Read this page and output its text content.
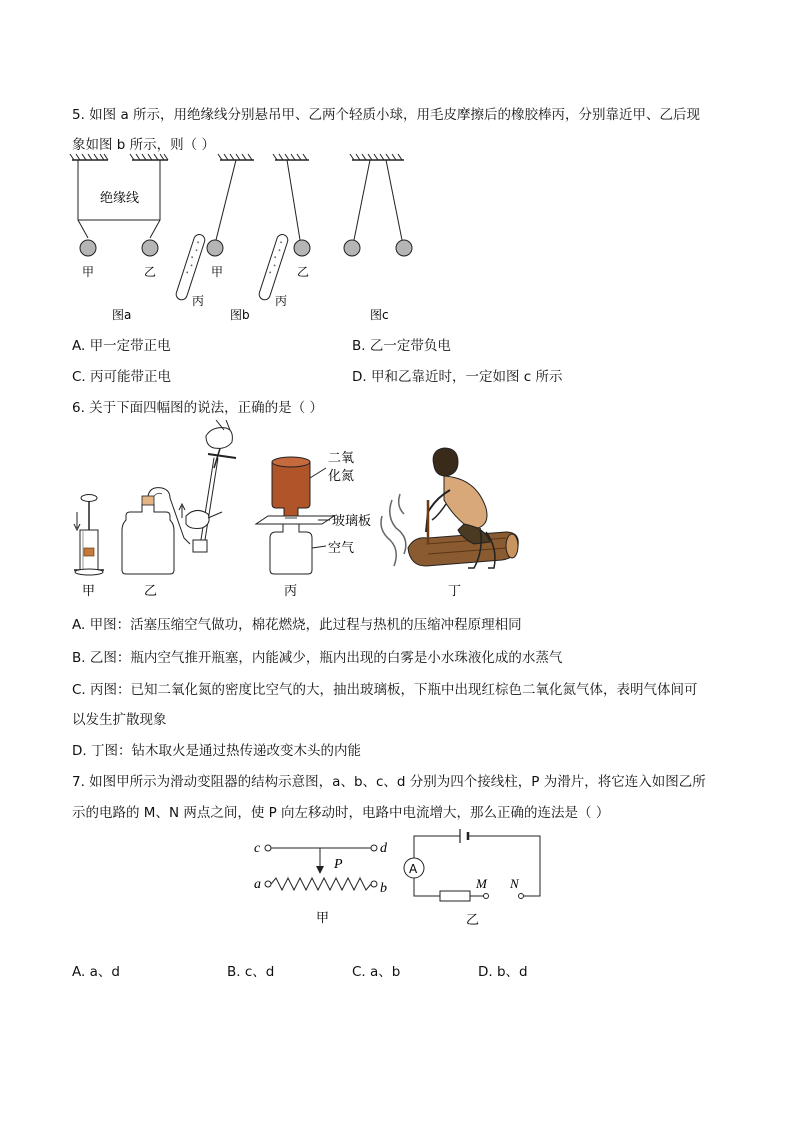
5. 如图 a 所示，用绝缘线分别悬吊甲、乙两个轻质小球，用毛皮摩擦后的橡胶棒丙，分别靠近甲、乙后现
象如图 b 所示，则（ ）
绝缘线
甲	乙
图a
甲
丙
乙
丙
图b	图c
A. 甲一定带正电	B. 乙一定带负电
C. 丙可能带正电	D. 甲和乙靠近时，一定如图 c 所示
6. 关于下面四幅图的说法，正确的是（ ）
甲	乙
二氧
化氮
玻璃板
空气
丙	丁
A. 甲图：活塞压缩空气做功，棉花燃烧，此过程与热机的压缩冲程原理相同
B. 乙图：瓶内空气推开瓶塞，内能减少，瓶内出现的白雾是小水珠液化成的水蒸气
C. 丙图：已知二氧化氮的密度比空气的大，抽出玻璃板，下瓶中出现红棕色二氧化氮气体，表明气体间可
以发生扩散现象
D. 丁图：钻木取火是通过热传递改变木头的内能
7. 如图甲所示为滑动变阻器的结构示意图，a、b、c、d 分别为四个接线柱，P 为滑片，将它连入如图乙所
示的电路的 M、N 两点之间，使 P 向左移动时，电路中电流增大，那么正确的连法是（ ）
c	d
P
a	b
甲
A
M N
乙
A. a、d	B. c、d	C. a、b	D. b、d
